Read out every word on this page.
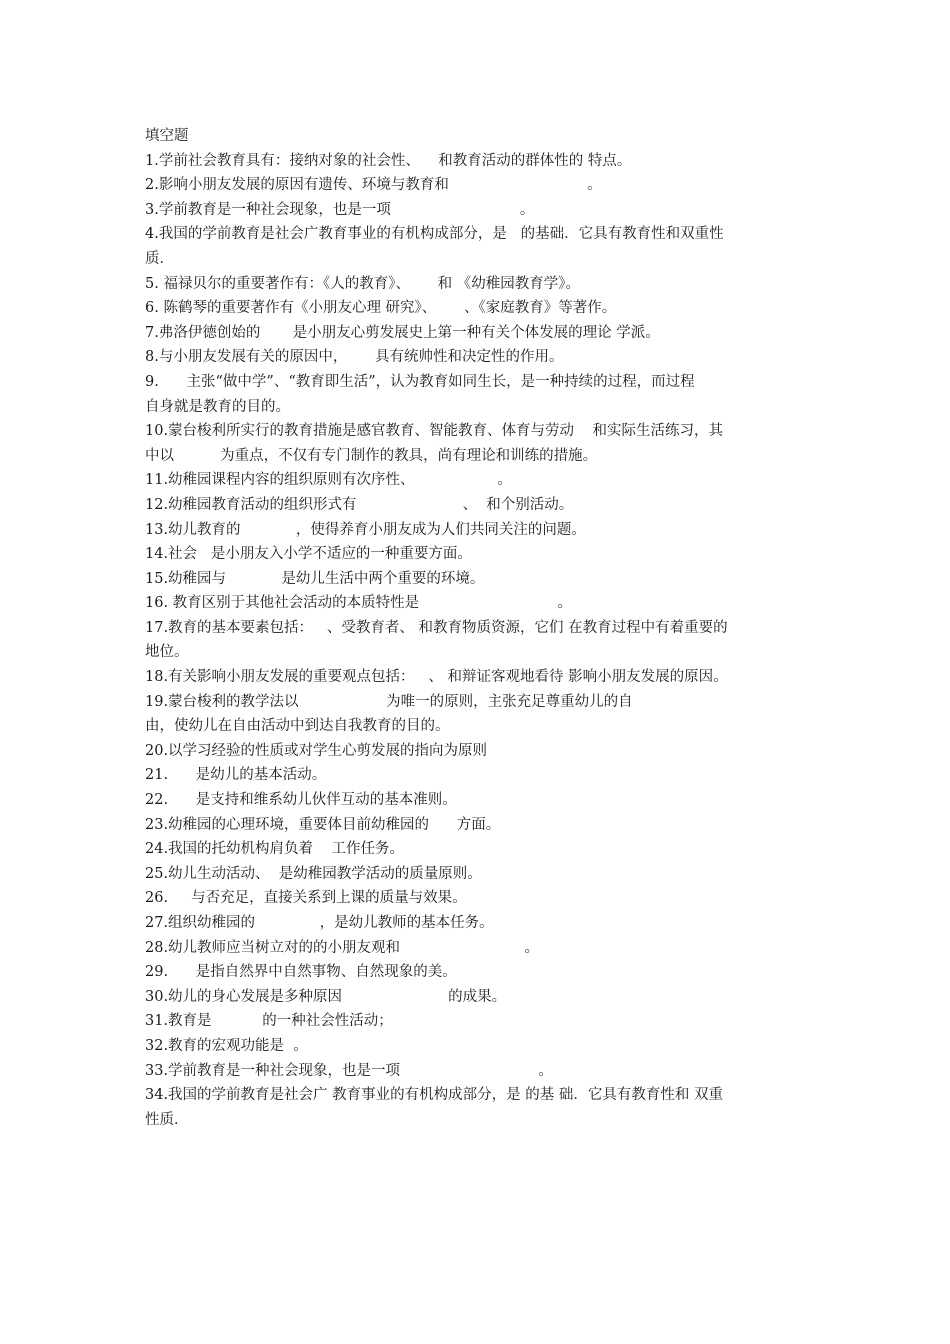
填空题
1.学前社会教育具有：接纳对象的社会性、    和教育活动的群体性的 特点。
2.影响小朋友发展的原因有遗传、环境与教育和                              。
3.学前教育是一种社会现象，也是一项                            。
4.我国的学前教育是社会广教育事业的有机构成部分，是   的基础．它具有教育性和双重性
质．
5. 福禄贝尔的重要著作有：《人的教育》、      和 《幼稚园教育学》。
6. 陈鹤琴的重要著作有《小朋友心理 研究》、      、《家庭教育》等著作。
7.弗洛伊德创始的       是小朋友心剪发展史上第一种有关个体发展的理论 学派。
8.与小朋友发展有关的原因中，      具有统帅性和决定性的作用。
9.      主张“做中学”、“教育即生活”，认为教育如同生长，是一种持续的过程，而过程
自身就是教育的目的。
10.蒙台梭利所实行的教育措施是感官教育、智能教育、体育与劳动    和实际生活练习，其
中以          为重点，不仅有专门制作的教具，尚有理论和训练的措施。
11.幼稚园课程内容的组织原则有次序性、                  。
12.幼稚园教育活动的组织形式有                       、  和个别活动。
13.幼儿教育的            ，使得养育小朋友成为人们共同关注的问题。
14.社会   是小朋友入小学不适应的一种重要方面。
15.幼稚园与            是幼儿生活中两个重要的环境。
16. 教育区别于其他社会活动的本质特性是                              。
17.教育的基本要素包括：   、受教育者、 和教育物质资源，它们 在教育过程中有着重要的
地位。
18.有关影响小朋友发展的重要观点包括：   、 和辩证客观地看待 影响小朋友发展的原因。
19.蒙台梭利的教学法以                   为唯一的原则，主张充足尊重幼儿的自
由，使幼儿在自由活动中到达自我教育的目的。
20.以学习经验的性质或对学生心剪发展的指向为原则
21.      是幼儿的基本活动。
22.      是支持和维系幼儿伙伴互动的基本准则。
23.幼稚园的心理环境，重要体目前幼稚园的      方面。
24.我国的托幼机构肩负着    工作任务。
25.幼儿生动活动、  是幼稚园教学活动的质量原则。
26.     与否充足，直接关系到上课的质量与效果。
27.组织幼稚园的              ，是幼儿教师的基本任务。
28.幼儿教师应当树立对的的小朋友观和                           。
29.      是指自然界中自然事物、自然现象的美。
30.幼儿的身心发展是多种原因                       的成果。
31.教育是           的一种社会性活动；
32.教育的宏观功能是  。
33.学前教育是一种社会现象，也是一项                              。
34.我国的学前教育是社会广 教育事业的有机构成部分，是 的基 础．它具有教育性和 双重
性质．
